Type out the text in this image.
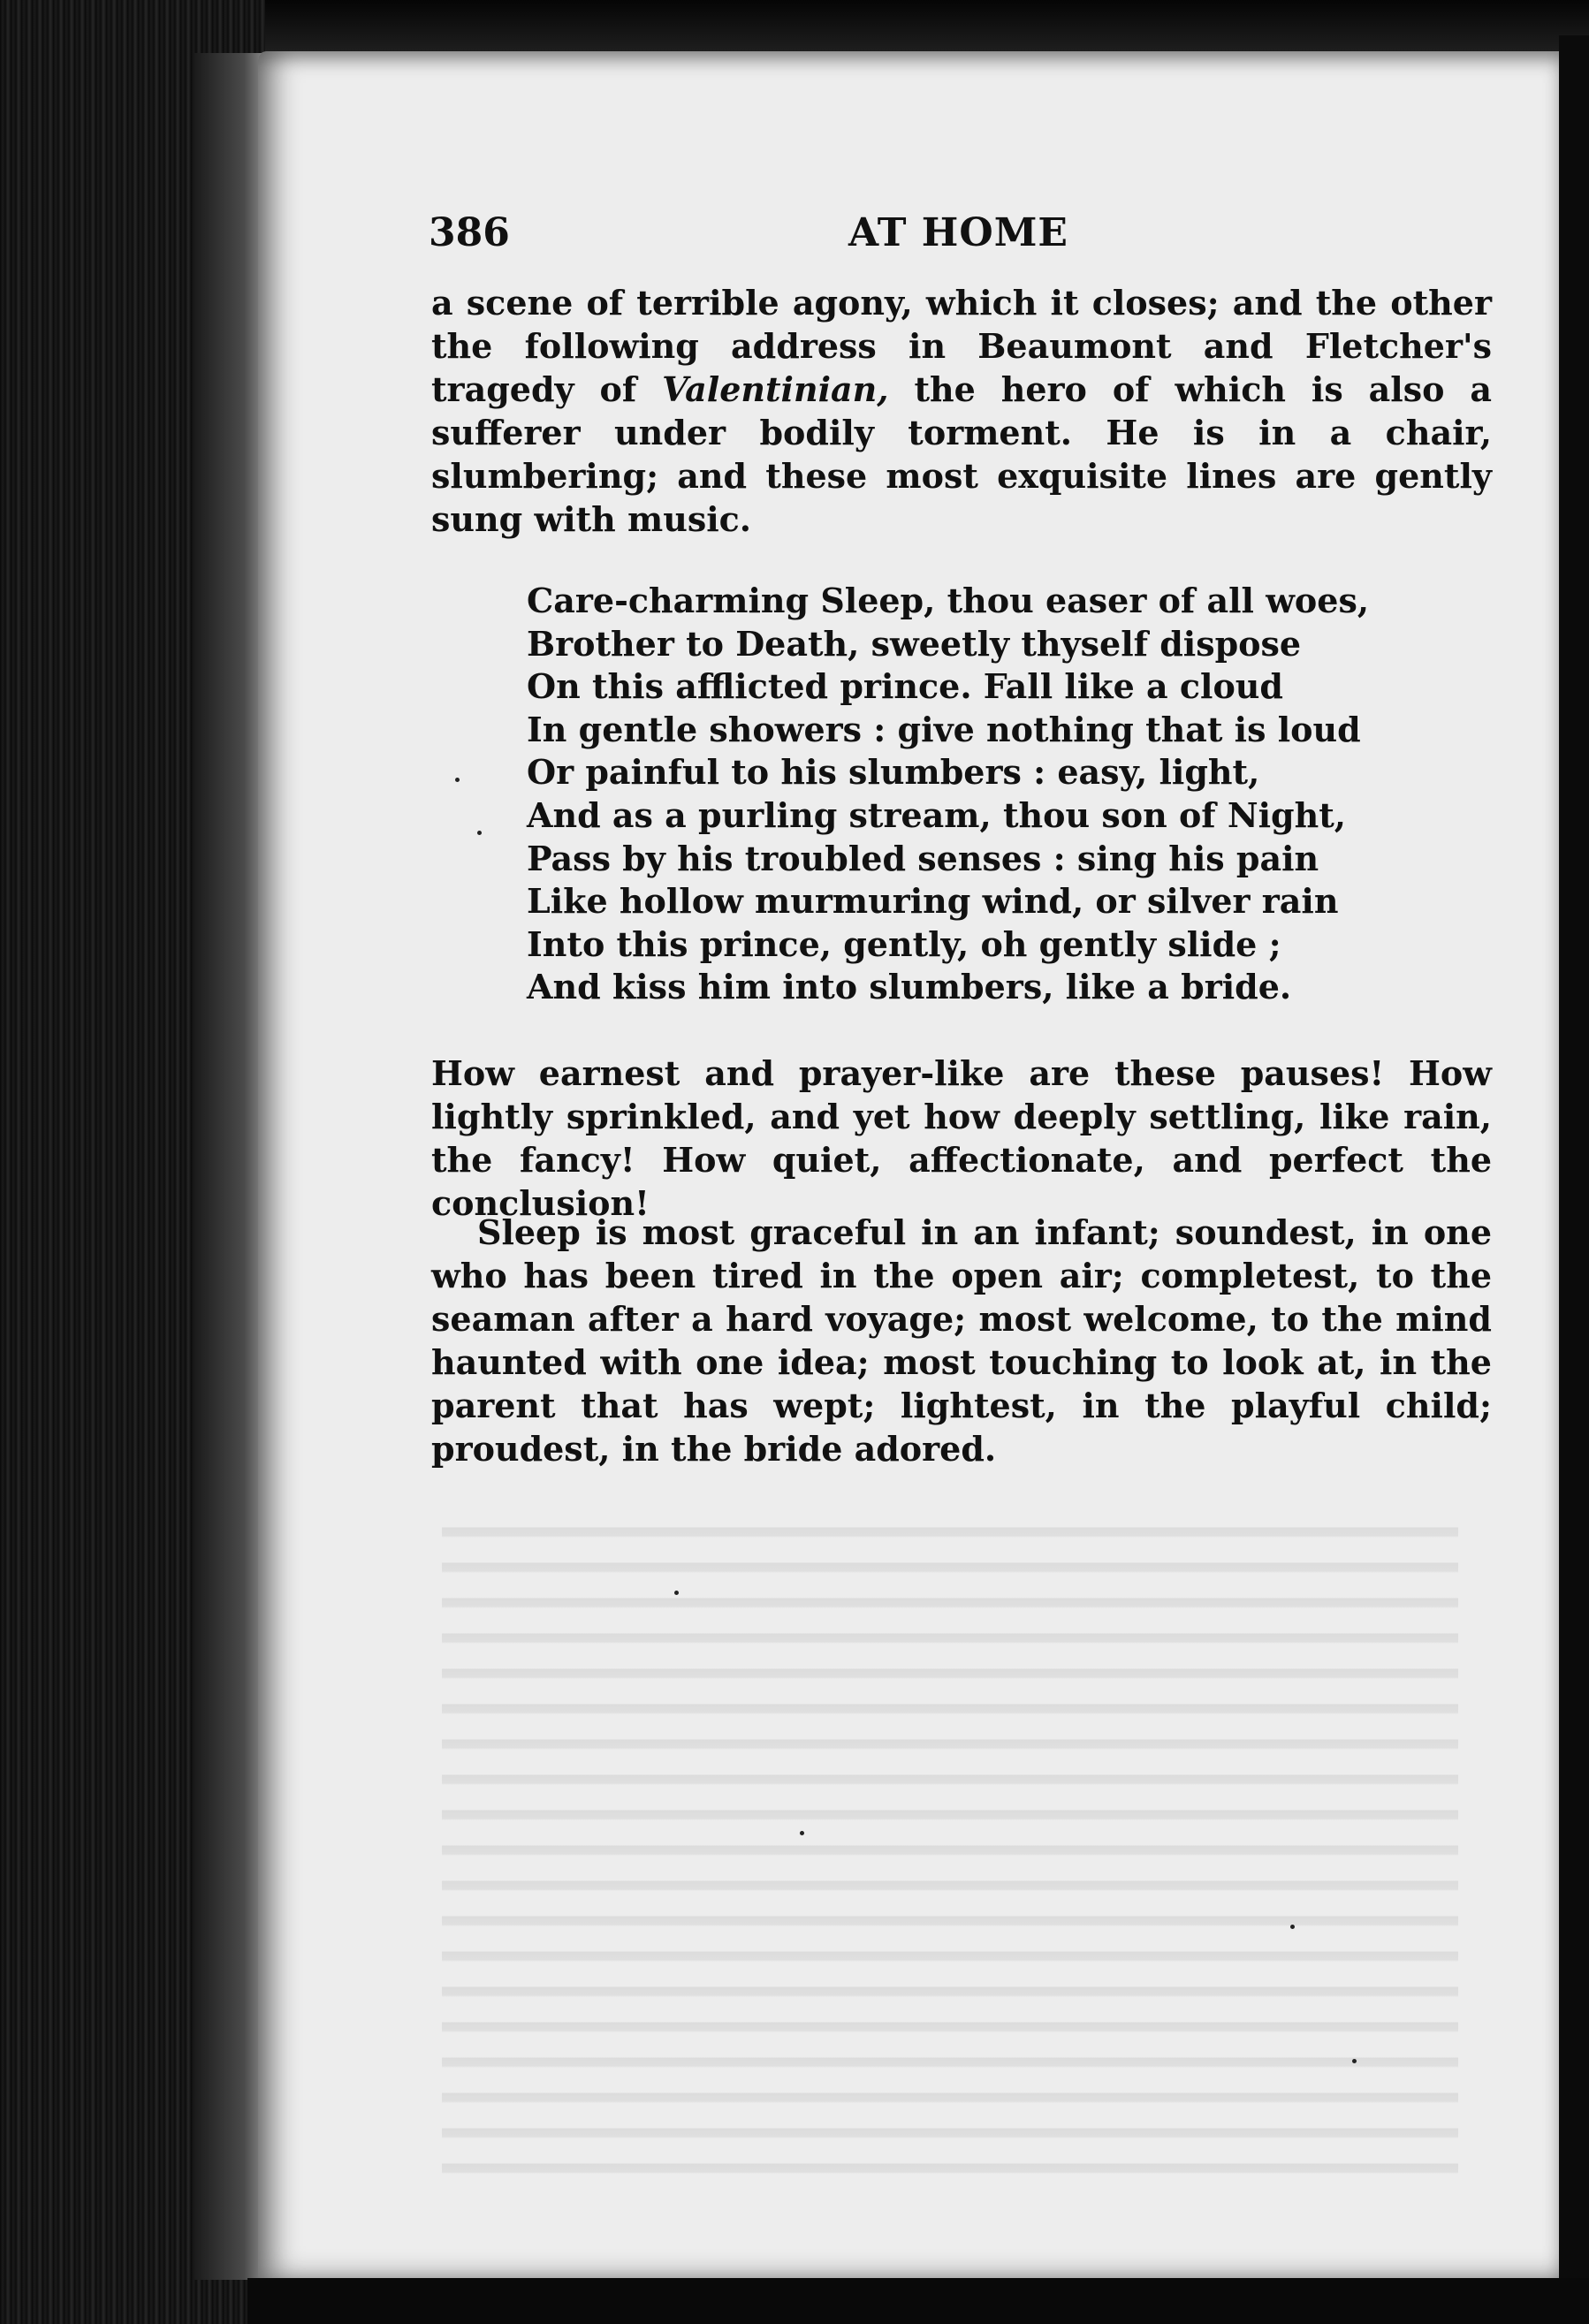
386	AT HOME

a scene of terrible agony, which it closes; and the other the following address in Beaumont and Fletcher's tragedy of Valentinian, the hero of which is also a sufferer under bodily torment. He is in a chair, slumbering; and these most exquisite lines are gently sung with music.

Care-charming Sleep, thou easer of all woes,
Brother to Death, sweetly thyself dispose
On this afflicted prince. Fall like a cloud
In gentle showers : give nothing that is loud
Or painful to his slumbers : easy, light,
And as a purling stream, thou son of Night,
Pass by his troubled senses : sing his pain
Like hollow murmuring wind, or silver rain
Into this prince, gently, oh gently slide ;
And kiss him into slumbers, like a bride.

How earnest and prayer-like are these pauses! How lightly sprinkled, and yet how deeply settling, like rain, the fancy! How quiet, affectionate, and perfect the conclusion!

Sleep is most graceful in an infant; soundest, in one who has been tired in the open air; completest, to the seaman after a hard voyage; most welcome, to the mind haunted with one idea; most touching to look at, in the parent that has wept; lightest, in the playful child; proudest, in the bride adored.
